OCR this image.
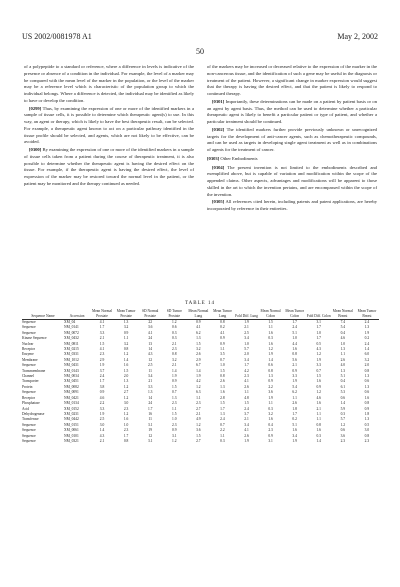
US 2002/0081978 A1	May 2, 2002
50

of a polypeptide to a standard or reference, where a difference in levels is indicative of the presence or absence of a condition in the individual. For example, the level of a marker may be compared with the mean level of the marker in the population, or the level of the marker may be a reference level which is characteristic of the population group to which the individual belongs. Where a difference is detected, the individual may be identified as likely to have or develop the condition.

[0299] Thus, by examining the expression of one or more of the identified markers in a sample of tissue cells, it is possible to determine which therapeutic agent(s) to use. In this way, an agent or therapy, which is likely to have the best therapeutic result, can be selected. For example, a therapeutic agent known to act on a particular pathway identified in the tissue profile should be selected, and agents, which are not likely to be effective, can be avoided.

[0300] By examining the expression of one or more of the identified markers in a sample of tissue cells taken from a patient during the course of therapeutic treatment, it is also possible to determine whether the therapeutic agent is having the desired effect on the tissue. For example, if the therapeutic agent is having the desired effect, the level of expression of the marker may be restored toward the normal level in the patient, or the patient may be monitored and the therapy continued as needed.

of the markers may be increased or decreased relative to the expression of the marker in the non-cancerous tissue, and the identification of such a gene may be useful in the diagnosis or treatment of the patient. However, a significant change in marker expression would suggest that the therapy is having the desired effect, and that the patient is likely to respond to continued therapy.

[0301] Importantly, these determinations can be made on a patient by patient basis or on an agent by agent basis. Thus, the method can be used to determine whether a particular therapeutic agent is likely to benefit a particular patient or type of patient, and whether a particular treatment should be continued.

[0302] The identified markers further provide previously unknown or unrecognized targets for the development of anti-cancer agents, such as chemotherapeutic compounds, and can be used as targets in developing single agent treatment as well as in combinations of agents for the treatment of cancer.

[0303] Other Embodiments

[0304] The present invention is not limited to the embodiments described and exemplified above, but is capable of variation and modification within the scope of the appended claims. Other aspects, advantages and modifications will be apparent to those skilled in the art to which the invention pertains, and are encompassed within the scope of the invention.

[0305] All references cited herein, including patents and patent applications, are hereby incorporated by reference in their entireties.

TABLE 14
Sequence Name	Accession	Mean Normal Prostate	Mean Tumor Prostate	SD Normal Prostate	SD Tumor Prostate	Mean Normal Lung	Mean Tumor Lung	Fold Diff. Lung	Mean Normal Colon	Mean Tumor Colon	Fold Diff. Colon	Mean Normal Breast	Mean Tumor Breast
Sequence	XM_04	4.1	1.3	22	1.2	0.9	0.8	1.9	1.5	1.7	3.1	7.4	2.4
Sequence	NM_0141	1.7	3.2	3.6	0.6	4.1	0.2	2.1	1.1	2.4	1.7	5.4	1.3
Sequence	NM_0072	3.3	0.9	4.1	0.3	6.2	4.1	2.5	1.6	5.1	1.0	0.4	1.9
Kinase Sequence	XM_0432	2.1	1.1	24	0.3	1.3	0.9	3.4	0.3	1.0	1.7	4.6	0.2
Nuclear	NM_0811	1.5	3.2	13	2.1	1.5	0.9	1.0	1.6	4.4	0.5	1.0	2.4
Receptor	XM_0215	4.1	0.8	14	2.3	3.2	1.1	5.7	1.2	1.6	4.3	1.3	1.4
Enzyme	XM_0331	2.3	1.2	4.3	0.8	2.6	3.5	2.0	1.9	0.8	1.2	1.1	6.0
Membrane	NM_1012	2.9	1.4	12	3.2	2.9	0.7	3.4	1.4	5.6	1.9	2.6	3.2
Sequence	NM_0431	1.9	1.6	2.5	2.1	6.7	1.0	1.7	0.6	2.1	3.3	4.0	2.0
Transmembrane	XM_0143	3.7	1.5	11	1.4	1.4	1.5	4.2	0.8	0.9	0.7	1.3	0.8
Channel	NM_0034	2.4	2.0	3.4	1.9	1.9	0.8	2.3	1.3	3.3	1.5	5.1	1.3
Transporter	XM_0451	1.7	1.3	21	0.9	4.2	2.6	4.1	0.9	1.9	1.6	0.4	0.6
Protein	NM_0082	3.8	1.2	3.3	1.5	1.2	1.3	2.6	2.2	5.4	0.9	6.1	1.3
Sequence	NM_0091	0.9	2.7	1.3	0.7	6.3	1.6	1.1	3.6	6.2	1.2	5.3	0.6
Receptor	NM_0421	4.6	1.2	14	1.3	1.1	2.8	4.8	1.9	1.1	4.6	0.6	1.6
Phosphatase	NM_0134	2.2	3.0	24	2.3	2.3	1.5	1.5	1.1	2.6	1.6	1.4	0.8
Acid	XM_0152	3.3	2.3	1.7	1.1	2.7	1.7	2.4	0.3	1.8	2.1	5.9	0.9
Dehydrogenase	XM_0231	1.9	1.2	16	1.5	2.1	1.3	3.7	3.2	1.7	1.1	0.3	1.8
Transferase	NM_0442	2.5	1.6	11	1.0	4.9	2.4	2.1	1.6	0.2	1.1	5.7	1.3
Sequence	NM_0151	3.0	1.0	3.1	2.3	1.2	0.7	3.4	0.4	5.1	0.8	1.2	0.5
Sequence	XM_0061	1.4	2.3	19	0.9	3.6	2.2	4.1	2.3	1.6	1.6	0.6	3.0
Sequence	NM_0101	4.3	1.7	12	3.1	1.5	1.1	2.6	0.9	3.4	0.3	3.6	0.8
Sequence	NM_0321	2.1	0.8	3.1	1.2	2.7	0.3	1.9	3.1	1.9	1.4	2.3	2.3
